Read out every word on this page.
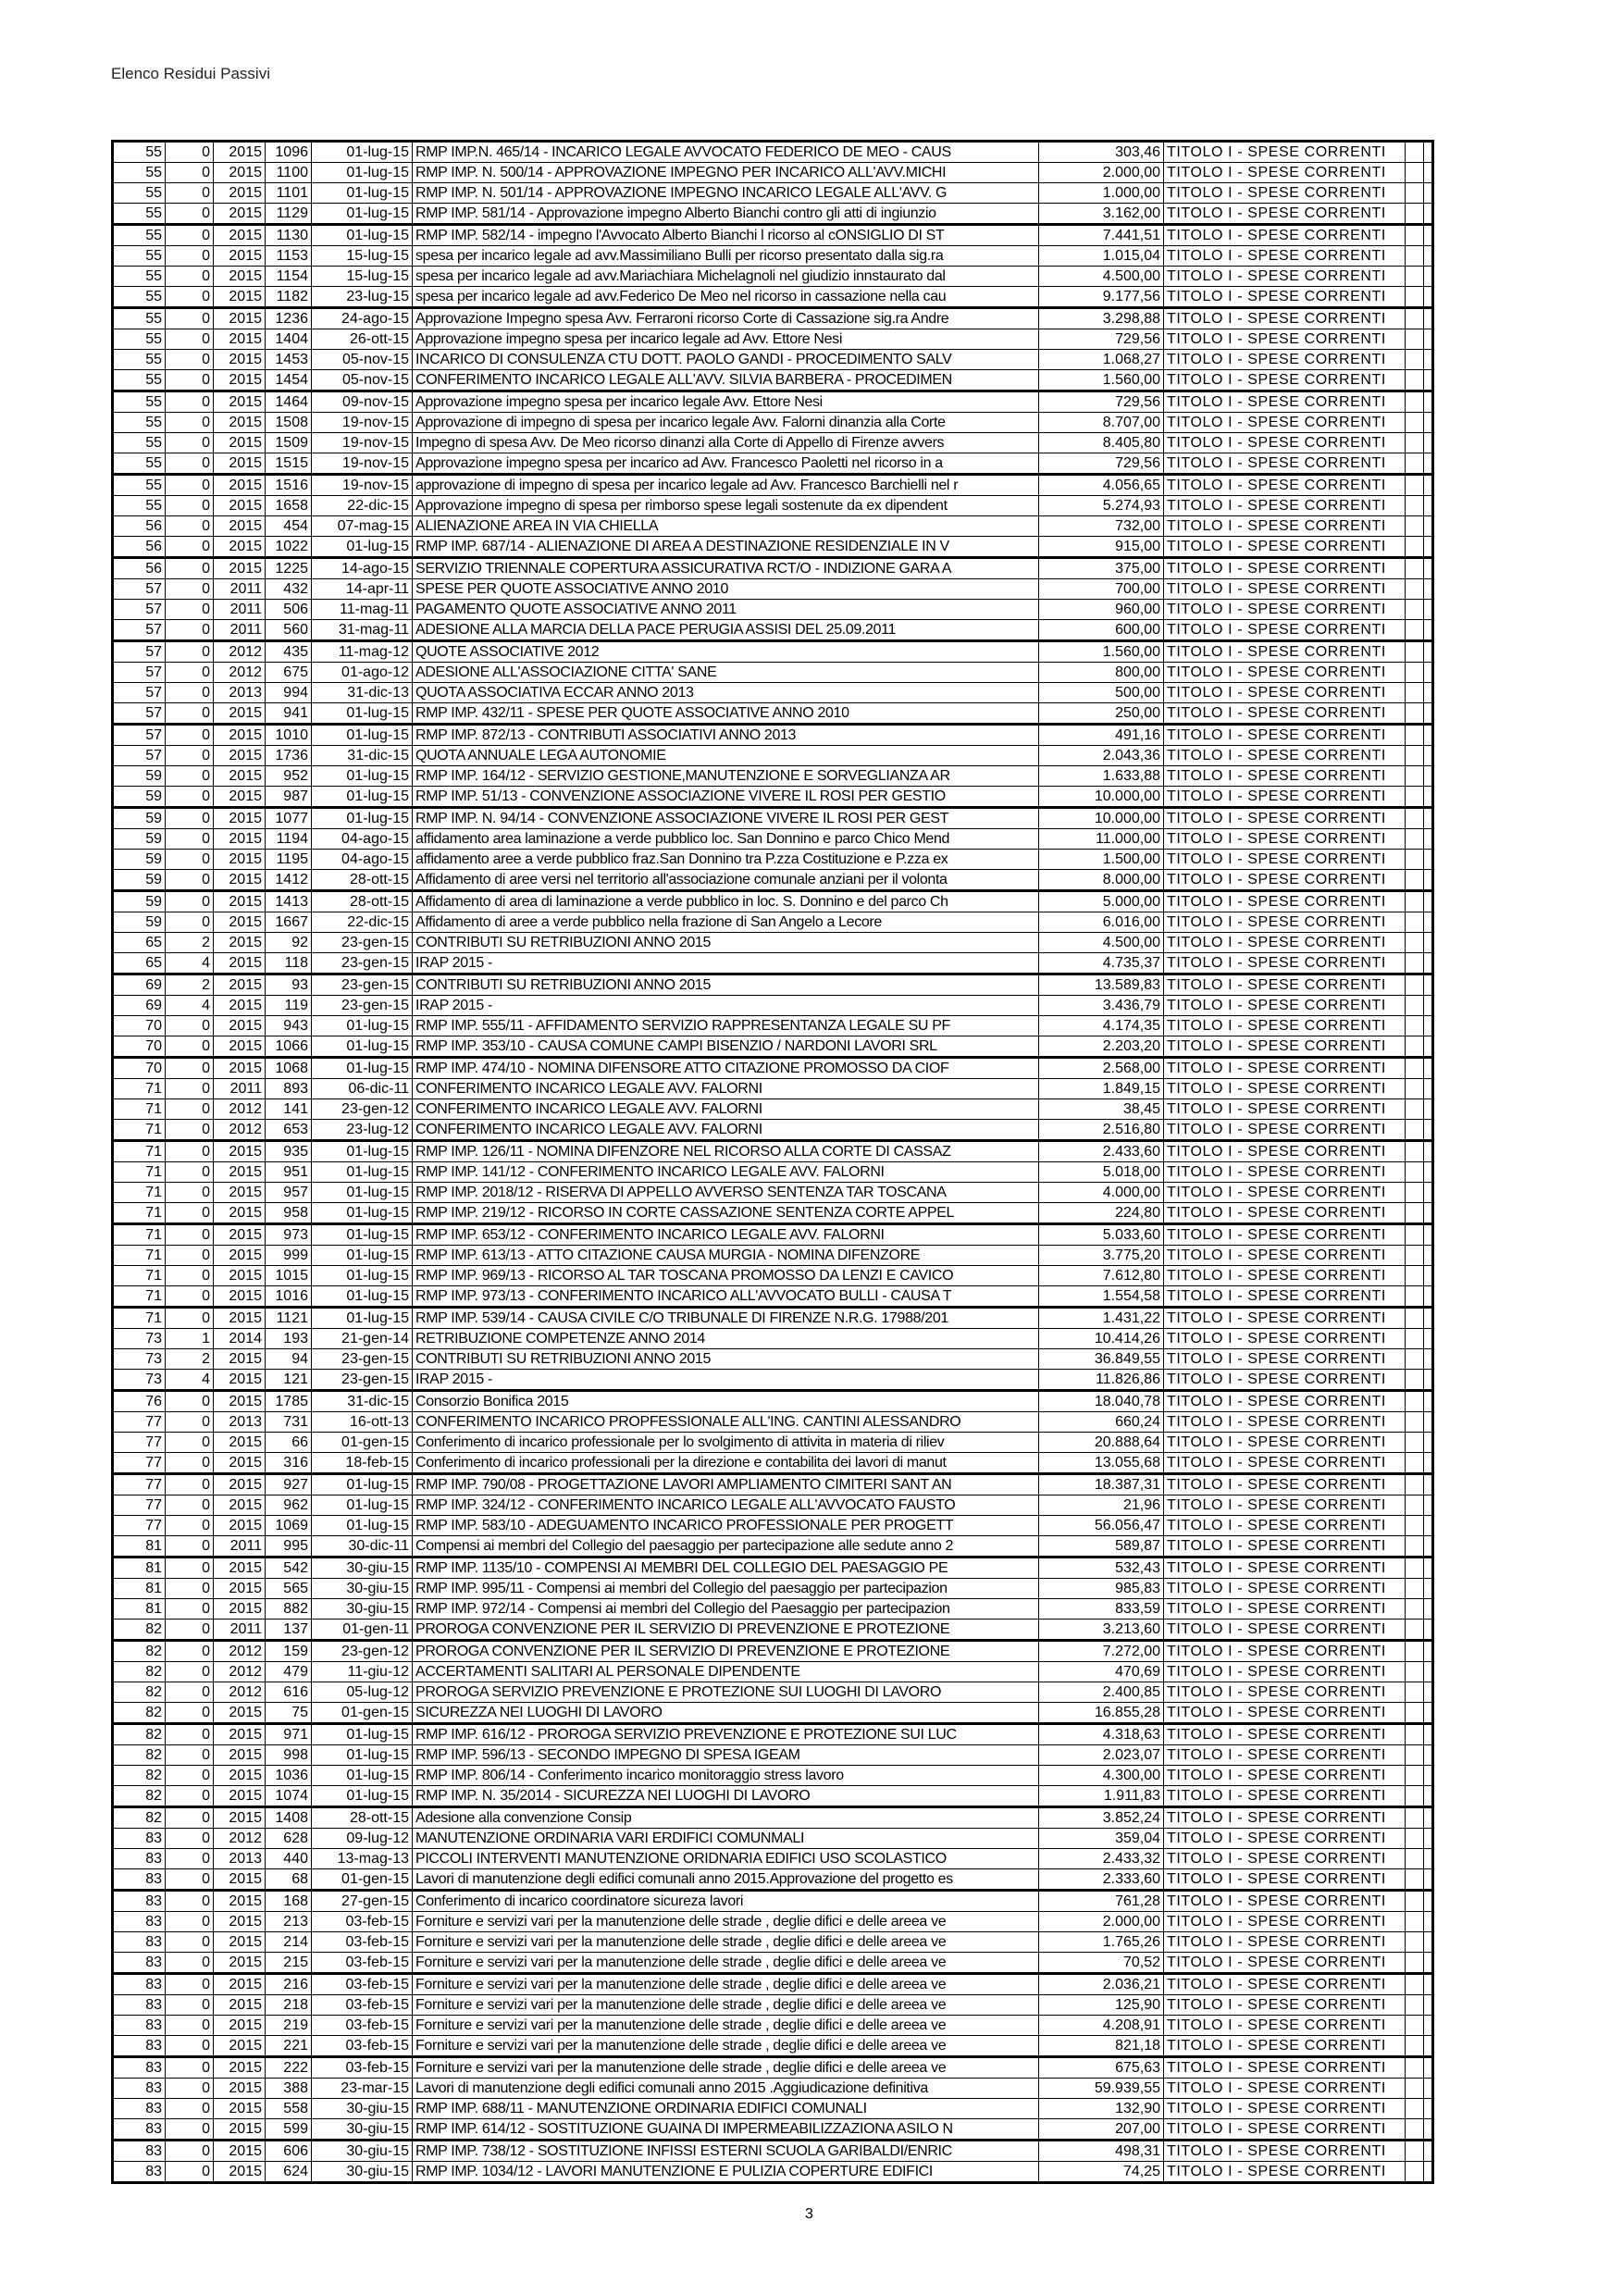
Elenco Residui Passivi
55	0	2015	1096	01-lug-15	RMP IMP.N. 465/14 - INCARICO LEGALE AVVOCATO FEDERICO DE MEO - CAUS	303,46	TITOLO I - SPESE CORRENTI		
55	0	2015	1100	01-lug-15	RMP IMP. N. 500/14 - APPROVAZIONE IMPEGNO PER INCARICO ALL'AVV.MICHI	2.000,00	TITOLO I - SPESE CORRENTI		
55	0	2015	1101	01-lug-15	RMP IMP. N. 501/14 - APPROVAZIONE IMPEGNO INCARICO LEGALE ALL'AVV. G	1.000,00	TITOLO I - SPESE CORRENTI		
55	0	2015	1129	01-lug-15	RMP IMP. 581/14 - Approvazione impegno Alberto Bianchi contro gli atti di ingiunzio	3.162,00	TITOLO I - SPESE CORRENTI		
55	0	2015	1130	01-lug-15	RMP IMP. 582/14 - impegno l'Avvocato Alberto Bianchi l ricorso al cONSIGLIO DI ST	7.441,51	TITOLO I - SPESE CORRENTI		
55	0	2015	1153	15-lug-15	spesa per incarico legale ad avv.Massimiliano Bulli per ricorso presentato dalla sig.ra	1.015,04	TITOLO I - SPESE CORRENTI		
55	0	2015	1154	15-lug-15	spesa per incarico legale ad avv.Mariachiara Michelagnoli nel giudizio innstaurato dal	4.500,00	TITOLO I - SPESE CORRENTI		
55	0	2015	1182	23-lug-15	spesa per incarico legale ad avv.Federico De Meo nel ricorso in cassazione nella cau	9.177,56	TITOLO I - SPESE CORRENTI		
55	0	2015	1236	24-ago-15	Approvazione Impegno spesa Avv. Ferraroni ricorso Corte di Cassazione sig.ra Andre	3.298,88	TITOLO I - SPESE CORRENTI		
55	0	2015	1404	26-ott-15	Approvazione impegno spesa per incarico legale ad Avv. Ettore Nesi	729,56	TITOLO I - SPESE CORRENTI		
55	0	2015	1453	05-nov-15	INCARICO DI CONSULENZA CTU DOTT. PAOLO GANDI - PROCEDIMENTO SALV	1.068,27	TITOLO I - SPESE CORRENTI		
55	0	2015	1454	05-nov-15	CONFERIMENTO INCARICO LEGALE ALL'AVV. SILVIA BARBERA - PROCEDIMEN	1.560,00	TITOLO I - SPESE CORRENTI		
55	0	2015	1464	09-nov-15	Approvazione impegno spesa per incarico legale Avv. Ettore Nesi	729,56	TITOLO I - SPESE CORRENTI		
55	0	2015	1508	19-nov-15	Approvazione di impegno di spesa per incarico legale Avv. Falorni dinanzia alla Corte	8.707,00	TITOLO I - SPESE CORRENTI		
55	0	2015	1509	19-nov-15	Impegno di spesa Avv. De Meo ricorso dinanzi alla Corte di Appello di Firenze avvers	8.405,80	TITOLO I - SPESE CORRENTI		
55	0	2015	1515	19-nov-15	Approvazione impegno spesa per incarico ad Avv. Francesco Paoletti nel ricorso in a	729,56	TITOLO I - SPESE CORRENTI		
55	0	2015	1516	19-nov-15	approvazione di impegno di spesa per incarico legale ad Avv. Francesco Barchielli nel r	4.056,65	TITOLO I - SPESE CORRENTI		
55	0	2015	1658	22-dic-15	Approvazione impegno di spesa per rimborso spese legali sostenute da ex dipendent	5.274,93	TITOLO I - SPESE CORRENTI		
56	0	2015	454	07-mag-15	ALIENAZIONE AREA IN VIA CHIELLA	732,00	TITOLO I - SPESE CORRENTI		
56	0	2015	1022	01-lug-15	RMP IMP. 687/14 - ALIENAZIONE DI AREA A DESTINAZIONE RESIDENZIALE IN V	915,00	TITOLO I - SPESE CORRENTI		
56	0	2015	1225	14-ago-15	SERVIZIO TRIENNALE COPERTURA ASSICURATIVA RCT/O - INDIZIONE GARA A	375,00	TITOLO I - SPESE CORRENTI		
57	0	2011	432	14-apr-11	SPESE PER QUOTE ASSOCIATIVE ANNO 2010	700,00	TITOLO I - SPESE CORRENTI		
57	0	2011	506	11-mag-11	PAGAMENTO QUOTE ASSOCIATIVE ANNO 2011	960,00	TITOLO I - SPESE CORRENTI		
57	0	2011	560	31-mag-11	ADESIONE ALLA MARCIA DELLA PACE PERUGIA ASSISI DEL 25.09.2011	600,00	TITOLO I - SPESE CORRENTI		
57	0	2012	435	11-mag-12	QUOTE ASSOCIATIVE 2012	1.560,00	TITOLO I - SPESE CORRENTI		
57	0	2012	675	01-ago-12	ADESIONE ALL'ASSOCIAZIONE CITTA' SANE	800,00	TITOLO I - SPESE CORRENTI		
57	0	2013	994	31-dic-13	QUOTA ASSOCIATIVA ECCAR ANNO 2013	500,00	TITOLO I - SPESE CORRENTI		
57	0	2015	941	01-lug-15	RMP IMP. 432/11 - SPESE PER QUOTE ASSOCIATIVE ANNO 2010	250,00	TITOLO I - SPESE CORRENTI		
57	0	2015	1010	01-lug-15	RMP IMP. 872/13 - CONTRIBUTI ASSOCIATIVI ANNO 2013	491,16	TITOLO I - SPESE CORRENTI		
57	0	2015	1736	31-dic-15	QUOTA ANNUALE LEGA AUTONOMIE	2.043,36	TITOLO I - SPESE CORRENTI		
59	0	2015	952	01-lug-15	RMP IMP. 164/12 - SERVIZIO GESTIONE,MANUTENZIONE E SORVEGLIANZA AR	1.633,88	TITOLO I - SPESE CORRENTI		
59	0	2015	987	01-lug-15	RMP IMP. 51/13 - CONVENZIONE ASSOCIAZIONE VIVERE IL ROSI PER GESTIO	10.000,00	TITOLO I - SPESE CORRENTI		
59	0	2015	1077	01-lug-15	RMP IMP. N. 94/14 - CONVENZIONE ASSOCIAZIONE VIVERE IL ROSI PER GEST	10.000,00	TITOLO I - SPESE CORRENTI		
59	0	2015	1194	04-ago-15	affidamento area laminazione a verde pubblico loc. San Donnino e parco Chico Mend	11.000,00	TITOLO I - SPESE CORRENTI		
59	0	2015	1195	04-ago-15	affidamento aree a verde pubblico fraz.San Donnino tra P.zza Costituzione e P.zza ex	1.500,00	TITOLO I - SPESE CORRENTI		
59	0	2015	1412	28-ott-15	Affidamento di aree versi nel territorio all'associazione comunale anziani per il volonta	8.000,00	TITOLO I - SPESE CORRENTI		
59	0	2015	1413	28-ott-15	Affidamento di area di laminazione a verde pubblico in loc. S. Donnino e del parco Ch	5.000,00	TITOLO I - SPESE CORRENTI		
59	0	2015	1667	22-dic-15	Affidamento di aree a verde pubblico nella frazione di San Angelo a Lecore	6.016,00	TITOLO I - SPESE CORRENTI		
65	2	2015	92	23-gen-15	CONTRIBUTI SU RETRIBUZIONI ANNO 2015	4.500,00	TITOLO I - SPESE CORRENTI		
65	4	2015	118	23-gen-15	IRAP 2015 -	4.735,37	TITOLO I - SPESE CORRENTI		
69	2	2015	93	23-gen-15	CONTRIBUTI SU RETRIBUZIONI ANNO 2015	13.589,83	TITOLO I - SPESE CORRENTI		
69	4	2015	119	23-gen-15	IRAP 2015 -	3.436,79	TITOLO I - SPESE CORRENTI		
70	0	2015	943	01-lug-15	RMP IMP. 555/11 - AFFIDAMENTO SERVIZIO RAPPRESENTANZA LEGALE SU PF	4.174,35	TITOLO I - SPESE CORRENTI		
70	0	2015	1066	01-lug-15	RMP IMP. 353/10 - CAUSA COMUNE CAMPI BISENZIO / NARDONI LAVORI SRL	2.203,20	TITOLO I - SPESE CORRENTI		
70	0	2015	1068	01-lug-15	RMP IMP. 474/10 - NOMINA DIFENSORE ATTO CITAZIONE PROMOSSO DA CIOF	2.568,00	TITOLO I - SPESE CORRENTI		
71	0	2011	893	06-dic-11	CONFERIMENTO INCARICO LEGALE AVV. FALORNI	1.849,15	TITOLO I - SPESE CORRENTI		
71	0	2012	141	23-gen-12	CONFERIMENTO INCARICO LEGALE AVV. FALORNI	38,45	TITOLO I - SPESE CORRENTI		
71	0	2012	653	23-lug-12	CONFERIMENTO INCARICO LEGALE AVV. FALORNI	2.516,80	TITOLO I - SPESE CORRENTI		
71	0	2015	935	01-lug-15	RMP IMP. 126/11 - NOMINA DIFENZORE NEL RICORSO ALLA CORTE DI CASSAZ	2.433,60	TITOLO I - SPESE CORRENTI		
71	0	2015	951	01-lug-15	RMP IMP. 141/12 - CONFERIMENTO INCARICO LEGALE AVV. FALORNI	5.018,00	TITOLO I - SPESE CORRENTI		
71	0	2015	957	01-lug-15	RMP IMP. 2018/12 - RISERVA DI APPELLO AVVERSO SENTENZA TAR TOSCANA	4.000,00	TITOLO I - SPESE CORRENTI		
71	0	2015	958	01-lug-15	RMP IMP. 219/12 - RICORSO IN CORTE CASSAZIONE SENTENZA CORTE APPEL	224,80	TITOLO I - SPESE CORRENTI		
71	0	2015	973	01-lug-15	RMP IMP. 653/12 - CONFERIMENTO INCARICO LEGALE AVV. FALORNI	5.033,60	TITOLO I - SPESE CORRENTI		
71	0	2015	999	01-lug-15	RMP IMP. 613/13 - ATTO CITAZIONE CAUSA MURGIA - NOMINA DIFENZORE	3.775,20	TITOLO I - SPESE CORRENTI		
71	0	2015	1015	01-lug-15	RMP IMP. 969/13 - RICORSO AL TAR TOSCANA PROMOSSO DA LENZI E CAVICO	7.612,80	TITOLO I - SPESE CORRENTI		
71	0	2015	1016	01-lug-15	RMP IMP. 973/13 - CONFERIMENTO INCARICO ALL'AVVOCATO BULLI - CAUSA T	1.554,58	TITOLO I - SPESE CORRENTI		
71	0	2015	1121	01-lug-15	RMP IMP. 539/14 - CAUSA CIVILE C/O TRIBUNALE DI FIRENZE N.R.G. 17988/201	1.431,22	TITOLO I - SPESE CORRENTI		
73	1	2014	193	21-gen-14	RETRIBUZIONE COMPETENZE ANNO 2014	10.414,26	TITOLO I - SPESE CORRENTI		
73	2	2015	94	23-gen-15	CONTRIBUTI SU RETRIBUZIONI ANNO 2015	36.849,55	TITOLO I - SPESE CORRENTI		
73	4	2015	121	23-gen-15	IRAP 2015 -	11.826,86	TITOLO I - SPESE CORRENTI		
76	0	2015	1785	31-dic-15	Consorzio Bonifica 2015	18.040,78	TITOLO I - SPESE CORRENTI		
77	0	2013	731	16-ott-13	CONFERIMENTO INCARICO PROPFESSIONALE ALL'ING. CANTINI ALESSANDRO	660,24	TITOLO I - SPESE CORRENTI		
77	0	2015	66	01-gen-15	Conferimento di incarico professionale per lo svolgimento di attivita in materia di riliev	20.888,64	TITOLO I - SPESE CORRENTI		
77	0	2015	316	18-feb-15	Conferimento di incarico professionali per la direzione e contabilita dei lavori di manut	13.055,68	TITOLO I - SPESE CORRENTI		
77	0	2015	927	01-lug-15	RMP IMP. 790/08 - PROGETTAZIONE LAVORI AMPLIAMENTO CIMITERI SANT AN	18.387,31	TITOLO I - SPESE CORRENTI		
77	0	2015	962	01-lug-15	RMP IMP. 324/12 - CONFERIMENTO INCARICO LEGALE ALL'AVVOCATO FAUSTO	21,96	TITOLO I - SPESE CORRENTI		
77	0	2015	1069	01-lug-15	RMP IMP. 583/10 - ADEGUAMENTO INCARICO PROFESSIONALE PER PROGETT	56.056,47	TITOLO I - SPESE CORRENTI		
81	0	2011	995	30-dic-11	Compensi ai membri del Collegio del paesaggio per partecipazione alle sedute anno 2	589,87	TITOLO I - SPESE CORRENTI		
81	0	2015	542	30-giu-15	RMP IMP. 1135/10 - COMPENSI AI MEMBRI DEL COLLEGIO DEL PAESAGGIO PE	532,43	TITOLO I - SPESE CORRENTI		
81	0	2015	565	30-giu-15	RMP IMP. 995/11 - Compensi ai membri del Collegio del paesaggio per partecipazion	985,83	TITOLO I - SPESE CORRENTI		
81	0	2015	882	30-giu-15	RMP IMP. 972/14 - Compensi ai membri del Collegio del Paesaggio per partecipazion	833,59	TITOLO I - SPESE CORRENTI		
82	0	2011	137	01-gen-11	PROROGA CONVENZIONE PER IL SERVIZIO DI PREVENZIONE E PROTEZIONE	3.213,60	TITOLO I - SPESE CORRENTI		
82	0	2012	159	23-gen-12	PROROGA CONVENZIONE PER IL SERVIZIO DI PREVENZIONE E PROTEZIONE	7.272,00	TITOLO I - SPESE CORRENTI		
82	0	2012	479	11-giu-12	ACCERTAMENTI SALITARI AL PERSONALE DIPENDENTE	470,69	TITOLO I - SPESE CORRENTI		
82	0	2012	616	05-lug-12	PROROGA SERVIZIO PREVENZIONE E PROTEZIONE SUI LUOGHI DI LAVORO	2.400,85	TITOLO I - SPESE CORRENTI		
82	0	2015	75	01-gen-15	SICUREZZA NEI LUOGHI DI LAVORO	16.855,28	TITOLO I - SPESE CORRENTI		
82	0	2015	971	01-lug-15	RMP IMP. 616/12 - PROROGA SERVIZIO PREVENZIONE E PROTEZIONE SUI LUC	4.318,63	TITOLO I - SPESE CORRENTI		
82	0	2015	998	01-lug-15	RMP IMP. 596/13 - SECONDO IMPEGNO DI SPESA IGEAM	2.023,07	TITOLO I - SPESE CORRENTI		
82	0	2015	1036	01-lug-15	RMP IMP. 806/14 - Conferimento incarico monitoraggio stress lavoro	4.300,00	TITOLO I - SPESE CORRENTI		
82	0	2015	1074	01-lug-15	RMP IMP. N. 35/2014 - SICUREZZA NEI LUOGHI DI LAVORO	1.911,83	TITOLO I - SPESE CORRENTI		
82	0	2015	1408	28-ott-15	Adesione alla convenzione Consip	3.852,24	TITOLO I - SPESE CORRENTI		
83	0	2012	628	09-lug-12	MANUTENZIONE ORDINARIA VARI ERDIFICI COMUNMALI	359,04	TITOLO I - SPESE CORRENTI		
83	0	2013	440	13-mag-13	PICCOLI INTERVENTI MANUTENZIONE ORIDNARIA EDIFICI USO SCOLASTICO	2.433,32	TITOLO I - SPESE CORRENTI		
83	0	2015	68	01-gen-15	Lavori di manutenzione degli edifici comunali anno 2015.Approvazione del progetto es	2.333,60	TITOLO I - SPESE CORRENTI		
83	0	2015	168	27-gen-15	Conferimento di incarico coordinatore sicureza lavori	761,28	TITOLO I - SPESE CORRENTI		
83	0	2015	213	03-feb-15	Forniture e servizi vari per la manutenzione delle strade , deglie difici e delle areea ve	2.000,00	TITOLO I - SPESE CORRENTI		
83	0	2015	214	03-feb-15	Forniture e servizi vari per la manutenzione delle strade , deglie difici e delle areea ve	1.765,26	TITOLO I - SPESE CORRENTI		
83	0	2015	215	03-feb-15	Forniture e servizi vari per la manutenzione delle strade , deglie difici e delle areea ve	70,52	TITOLO I - SPESE CORRENTI		
83	0	2015	216	03-feb-15	Forniture e servizi vari per la manutenzione delle strade , deglie difici e delle areea ve	2.036,21	TITOLO I - SPESE CORRENTI		
83	0	2015	218	03-feb-15	Forniture e servizi vari per la manutenzione delle strade , deglie difici e delle areea ve	125,90	TITOLO I - SPESE CORRENTI		
83	0	2015	219	03-feb-15	Forniture e servizi vari per la manutenzione delle strade , deglie difici e delle areea ve	4.208,91	TITOLO I - SPESE CORRENTI		
83	0	2015	221	03-feb-15	Forniture e servizi vari per la manutenzione delle strade , deglie difici e delle areea ve	821,18	TITOLO I - SPESE CORRENTI		
83	0	2015	222	03-feb-15	Forniture e servizi vari per la manutenzione delle strade , deglie difici e delle areea ve	675,63	TITOLO I - SPESE CORRENTI		
83	0	2015	388	23-mar-15	Lavori di manutenzione degli edifici comunali anno 2015 .Aggiudicazione definitiva	59.939,55	TITOLO I - SPESE CORRENTI		
83	0	2015	558	30-giu-15	RMP IMP. 688/11 - MANUTENZIONE ORDINARIA EDIFICI COMUNALI	132,90	TITOLO I - SPESE CORRENTI		
83	0	2015	599	30-giu-15	RMP IMP. 614/12 - SOSTITUZIONE GUAINA DI IMPERMEABILIZZAZIONA ASILO N	207,00	TITOLO I - SPESE CORRENTI		
83	0	2015	606	30-giu-15	RMP IMP. 738/12 - SOSTITUZIONE INFISSI ESTERNI SCUOLA GARIBALDI/ENRIC	498,31	TITOLO I - SPESE CORRENTI		
83	0	2015	624	30-giu-15	RMP IMP. 1034/12 - LAVORI MANUTENZIONE E PULIZIA COPERTURE EDIFICI	74,25	TITOLO I - SPESE CORRENTI		
3
